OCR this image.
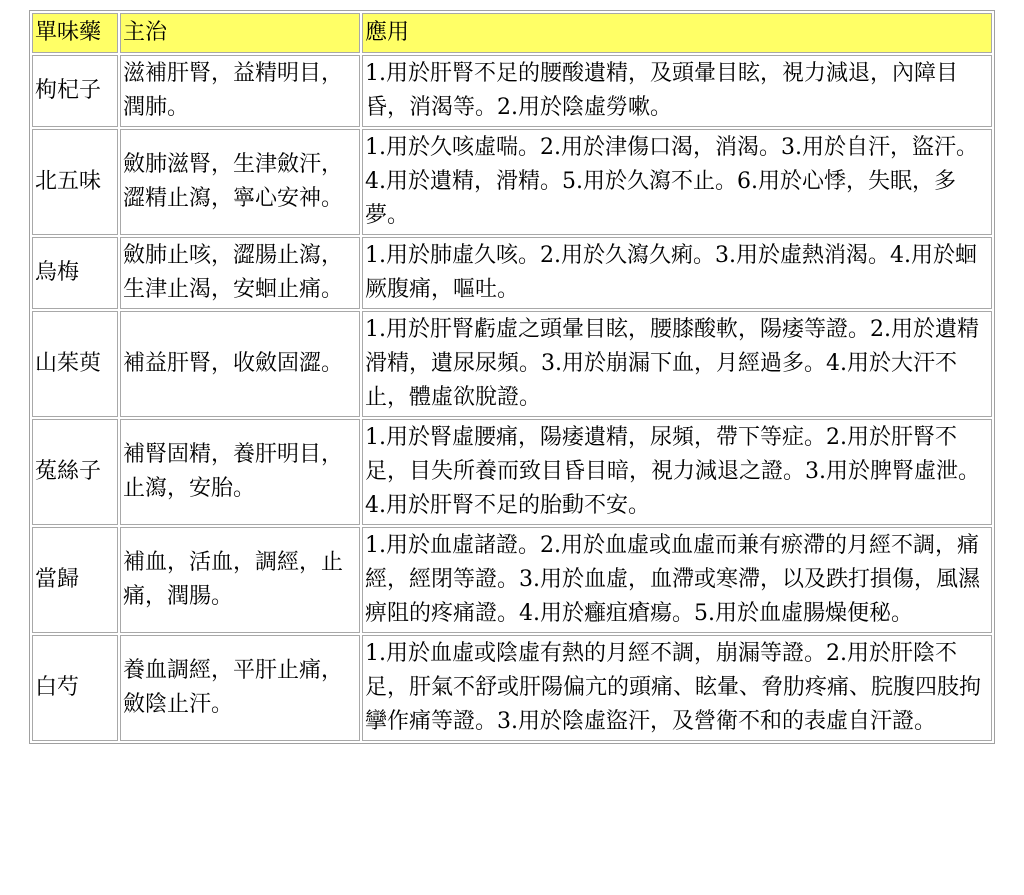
單味藥	主治	應用
枸杞子	滋補肝腎，益精明目，潤肺。	1.用於肝腎不足的腰酸遺精，及頭暈目眩，視力減退，內障目昏，消渴等。2.用於陰虛勞嗽。
北五味	斂肺滋腎，生津斂汗，澀精止瀉，寧心安神。	1.用於久咳虛喘。2.用於津傷口渴，消渴。3.用於自汗，盜汗。4.用於遺精，滑精。5.用於久瀉不止。6.用於心悸，失眠，多夢。
烏梅	斂肺止咳，澀腸止瀉，生津止渴，安蛔止痛。	1.用於肺虛久咳。2.用於久瀉久痢。3.用於虛熱消渴。4.用於蛔厥腹痛，嘔吐。
山茱萸	補益肝腎，收斂固澀。	1.用於肝腎虧虛之頭暈目眩，腰膝酸軟，陽痿等證。2.用於遺精滑精，遺尿尿頻。3.用於崩漏下血，月經過多。4.用於大汗不止，體虛欲脫證。
菟絲子	補腎固精，養肝明目，止瀉，安胎。	1.用於腎虛腰痛，陽痿遺精，尿頻，帶下等症。2.用於肝腎不足，目失所養而致目昏目暗，視力減退之證。3.用於脾腎虛泄。4.用於肝腎不足的胎動不安。
當歸	補血，活血，調經，止痛，潤腸。	1.用於血虛諸證。2.用於血虛或血虛而兼有瘀滯的月經不調，痛經，經閉等證。3.用於血虛，血滯或寒滯，以及跌打損傷，風濕痹阻的疼痛證。4.用於癰疽瘡瘍。5.用於血虛腸燥便秘。
白芍	養血調經，平肝止痛，斂陰止汗。	1.用於血虛或陰虛有熱的月經不調，崩漏等證。2.用於肝陰不足，肝氣不舒或肝陽偏亢的頭痛、眩暈、脅肋疼痛、脘腹四肢拘攣作痛等證。3.用於陰虛盜汗，及營衛不和的表虛自汗證。
